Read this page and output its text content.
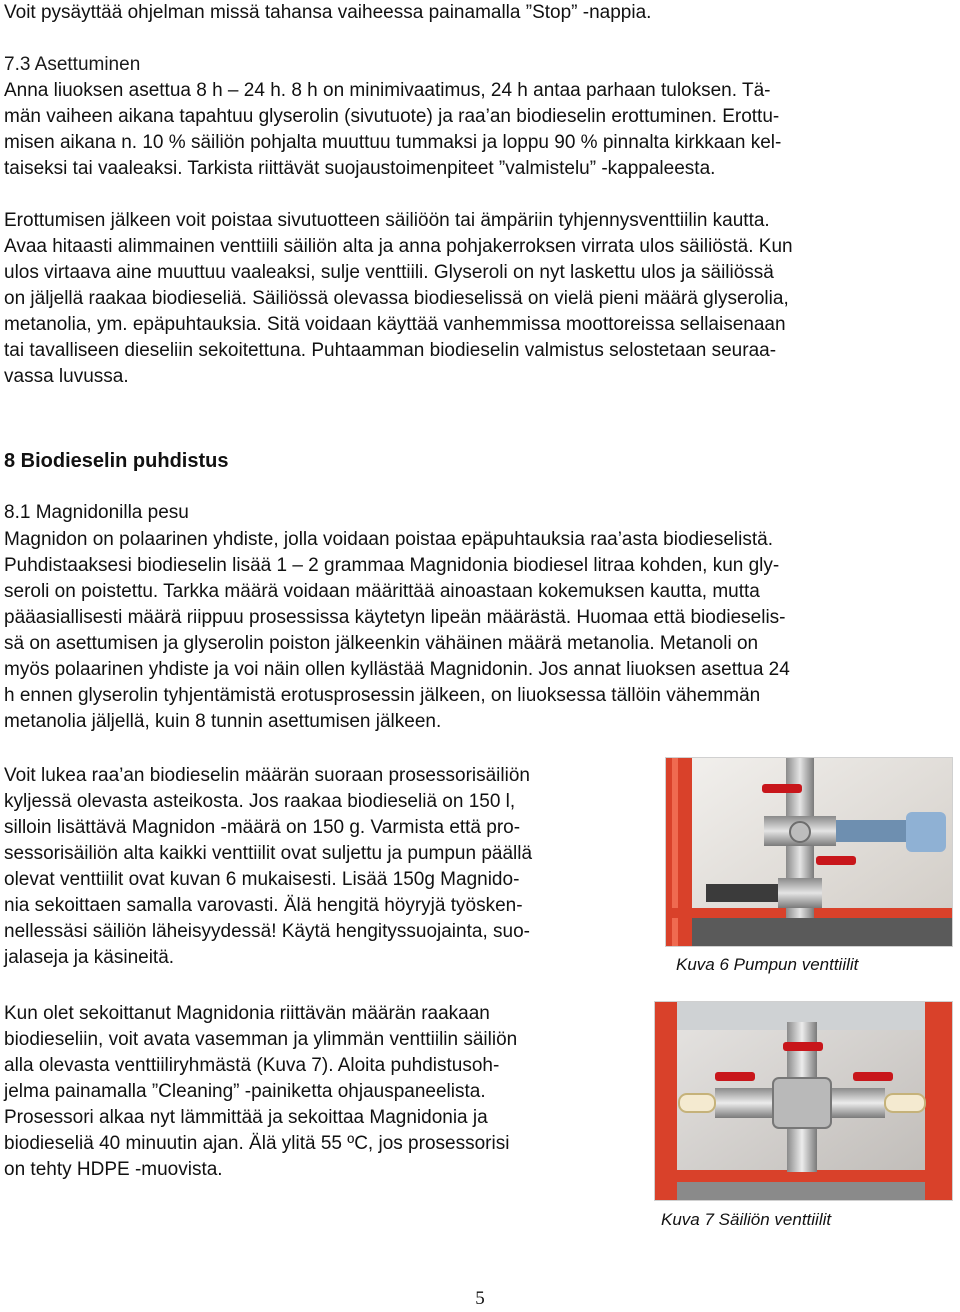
Voit pysäyttää ohjelman missä tahansa vaiheessa painamalla ”Stop” -nappia.

7.3 Asettuminen

Anna liuoksen asettua 8 h – 24 h. 8 h on minimivaatimus, 24 h antaa parhaan tuloksen. Tä-
män vaiheen aikana tapahtuu glyserolin (sivutuote) ja raa’an biodieselin erottuminen. Erottu-
misen aikana n. 10 % säiliön pohjalta muuttuu tummaksi ja loppu 90 % pinnalta kirkkaan kel-
taiseksi tai vaaleaksi. Tarkista riittävät suojaustoimenpiteet ”valmistelu” -kappaleesta.
Erottumisen jälkeen voit poistaa sivutuotteen säiliöön tai ämpäriin tyhjennysventtiilin kautta.
Avaa hitaasti alimmainen venttiili säiliön alta ja anna pohjakerroksen virrata ulos säiliöstä. Kun
ulos virtaava aine muuttuu vaaleaksi, sulje venttiili. Glyseroli on nyt laskettu ulos ja säiliössä
on jäljellä raakaa biodieseliä. Säiliössä olevassa biodieselissä on vielä pieni määrä glyserolia,
metanolia, ym. epäpuhtauksia. Sitä voidaan käyttää vanhemmissa moottoreissa sellaisenaan
tai tavalliseen dieseliin sekoitettuna. Puhtaamman biodieselin valmistus selostetaan seuraa-
vassa luvussa.

8 Biodieselin puhdistus

8.1 Magnidonilla pesu

Magnidon on polaarinen yhdiste, jolla voidaan poistaa epäpuhtauksia raa’asta biodieselistä.
Puhdistaaksesi biodieselin lisää 1 – 2 grammaa Magnidonia biodiesel litraa kohden, kun gly-
seroli on poistettu. Tarkka määrä voidaan määrittää ainoastaan kokemuksen kautta, mutta
pääasiallisesti määrä riippuu prosessissa käytetyn lipeän määrästä. Huomaa että biodieselis-
sä on asettumisen ja glyserolin poiston jälkeenkin vähäinen määrä metanolia. Metanoli on
myös polaarinen yhdiste ja voi näin ollen kyllästää Magnidonin. Jos annat liuoksen asettua 24
h ennen glyserolin tyhjentämistä erotusprosessin jälkeen, on liuoksessa tällöin vähemmän
metanolia jäljellä, kuin 8 tunnin asettumisen jälkeen.
Voit lukea raa’an biodieselin määrän suoraan prosessorisäiliön
kyljessä olevasta asteikosta. Jos raakaa biodieseliä on 150 l,
silloin lisättävä Magnidon -määrä on 150 g. Varmista että pro-
sessorisäiliön alta kaikki venttiilit ovat suljettu ja pumpun päällä
olevat venttiilit ovat kuvan 6 mukaisesti. Lisää 150g Magnido-
nia sekoittaen samalla varovasti. Älä hengitä höyryjä työsken-
nellessäsi säiliön läheisyydessä! Käytä hengityssuojainta, suo-
jalaseja ja käsineitä.
Kun olet sekoittanut Magnidonia riittävän määrän raakaan
biodieseliin, voit avata vasemman ja ylimmän venttiilin säiliön
alla olevasta venttiiliryhmästä (Kuva 7). Aloita puhdistusoh-
jelma painamalla ”Cleaning” -painiketta ohjauspaneelista.
Prosessori alkaa nyt lämmittää ja sekoittaa Magnidonia ja
biodieseliä 40 minuutin ajan. Älä ylitä 55 ºC, jos prosessorisi
on tehty HDPE -muovista.
Kuva 6 Pumpun venttiilit
Kuva 7 Säiliön venttiilit
5
